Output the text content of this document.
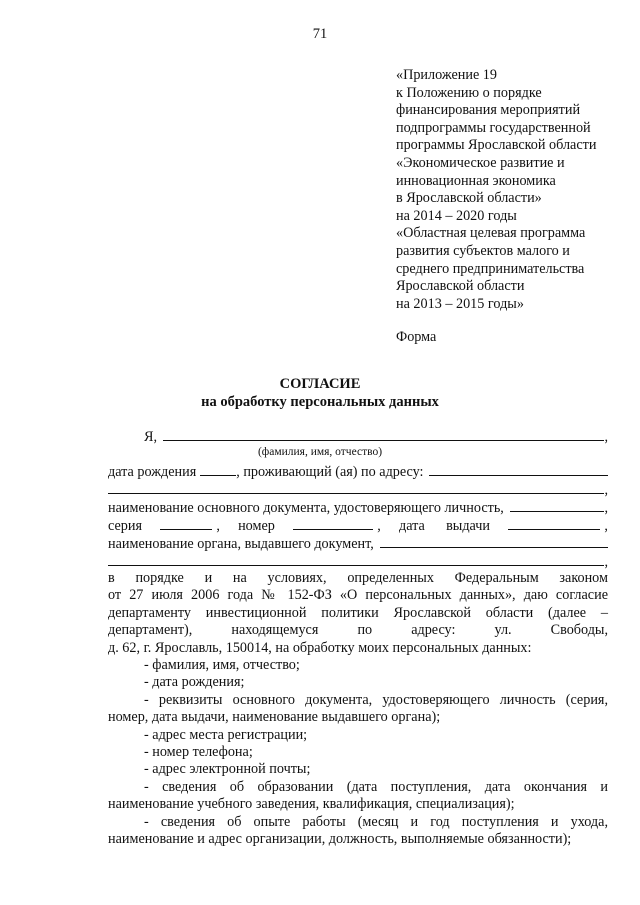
71
«Приложение 19
к Положению о порядке
финансирования мероприятий
подпрограммы государственной
программы Ярославской области
«Экономическое развитие и
инновационная экономика
в Ярославской области»
на 2014 – 2020 годы
«Областная целевая программа
развития субъектов малого и
среднего предпринимательства
Ярославской области
на 2013 – 2015 годы»
Форма
СОГЛАСИЕ
на обработку персональных данных
Я,	,
(фамилия, имя, отчество)
дата рождения	, проживающий (ая) по адресу:
,
наименование основного документа, удостоверяющего личность,	,
серия	, номер	, дата      выдачи	,
наименование органа, выдавшего документ,
,
в    порядке    и    на    условиях,    определенных    Федеральным    законом
от 27 июля 2006 года № 152-ФЗ «О персональных данных», даю согласие
департаменту инвестиционной политики Ярославской области (далее –
департамент),          находящемуся          по          адресу:          ул.          Свободы,
д. 62, г. Ярославль, 150014, на обработку моих персональных данных:
- фамилия, имя, отчество;
- дата рождения;
- реквизиты основного документа, удостоверяющего личность (серия,
номер, дата выдачи, наименование выдавшего органа);
- адрес места регистрации;
- номер телефона;
- адрес электронной почты;
- сведения об образовании (дата поступления, дата окончания и
наименование учебного заведения, квалификация, специализация);
- сведения об опыте работы (месяц и год поступления и ухода,
наименование и адрес организации, должность, выполняемые обязанности);
